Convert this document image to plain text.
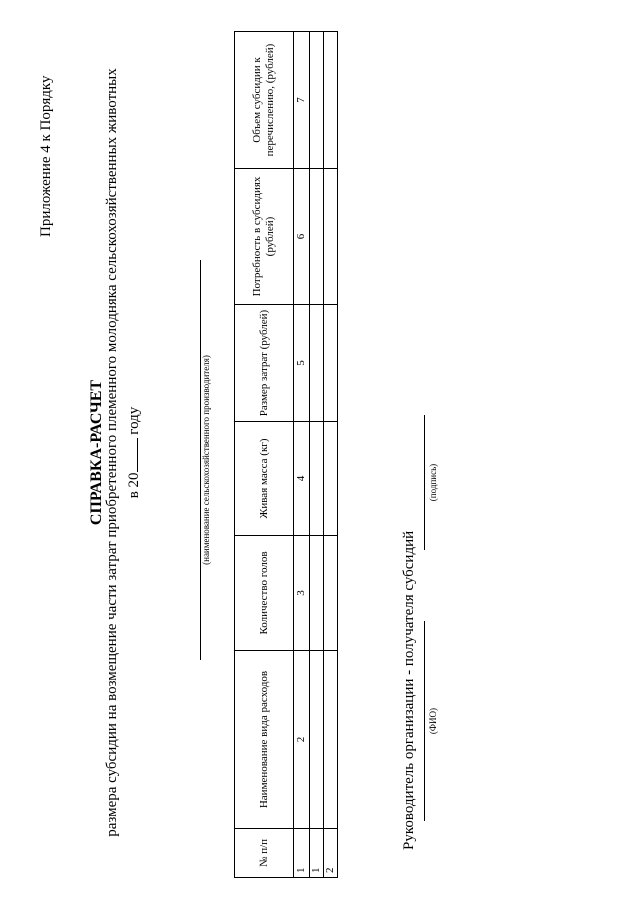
Приложение 4 к Порядку
СПРАВКА-РАСЧЕТ размера субсидии на возмещение части затрат приобретенного племенного молодняка сельскохозяйственных животных в 20 году	(наименование сельскохозяйственного производителя)
№ п/п	Наименование вида расходов	Количество голов	Живая масса (кг)	Размер затрат (рублей)	Потребность в субсидиях (рублей)	Объем субсидии к перечислению, (рублей)
1	2	3	4	5	6	7
1						
2						
Руководитель организации - получателя субсидий (ФИО)
(подпись)
